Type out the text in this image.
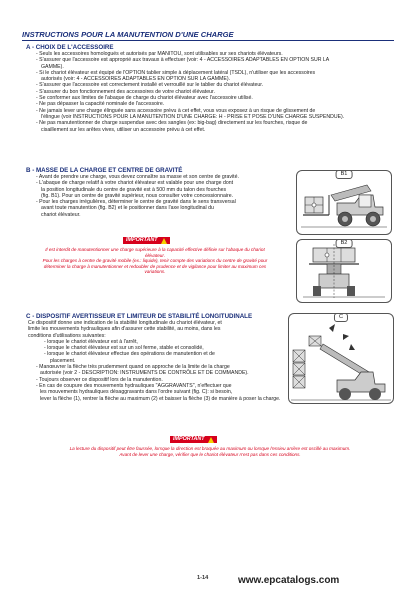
INSTRUCTIONS POUR LA MANUTENTION D'UNE CHARGE
A - CHOIX DE L'ACCESSOIRE
- Seuls les accessoires homologués et autorisés par MANITOU, sont utilisables sur ses chariots élévateurs.
- S'assurer que l'accessoire est approprié aux travaux à effectuer (voir: 4 - ACCESSOIRES ADAPTABLES EN OPTION SUR LA
GAMME).
- Si le chariot élévateur est équipé de l'OPTION tablier simple à déplacement latéral (TSDL), n'utiliser que les accessoires
autorisés (voir: 4 - ACCESSOIRES ADAPTABLES EN OPTION SUR LA GAMME).
- S'assurer que l'accessoire est correctement installé et verrouillé sur le tablier du chariot élévateur.
- S'assurer du bon fonctionnement des accessoires de votre chariot élévateur.
- Se conformer aux limites de l'abaque de charge du chariot élévateur avec l'accessoire utilisé.
- Ne pas dépasser la capacité nominale de l'accessoire.
- Ne jamais lever une charge élinguée sans accessoire prévu à cet effet, vous vous exposez à un risque de glissement de
l'élingue (voir INSTRUCTIONS POUR LA MANUTENTION D'UNE CHARGE: H - PRISE ET POSE D'UNE CHARGE SUSPENDUE).
- Ne pas manutentionner de charge suspendue avec des sangles (ex: big-bag) directement sur les fourches, risque de
cisaillement sur les arêtes vives, utiliser un accessoire prévu à cet effet.
B - MASSE DE LA CHARGE ET CENTRE DE GRAVITÉ
- Avant de prendre une charge, vous devez connaître sa masse et son centre de gravité.
- L'abaque de charge relatif à votre chariot élévateur est valable pour une charge dont
la position longitudinale du centre de gravité est à 500 mm du talon des fourches
(fig. B1). Pour un centre de gravité supérieur, nous consulter votre concessionnaire.
- Pour les charges irrégulières, déterminer le centre de gravité dans le sens transversal
avant toute manutention (fig. B2) et le positionner dans l'axe longitudinal du
chariot élévateur.
IMPORTANT
Il est interdit de manutentionner une charge supérieure à la capacité effective définie sur l'abaque du chariot
élévateur.
Pour les charges à centre de gravité mobile (ex.: liquide), tenir compte des variations du centre de gravité pour
déterminer la charge à manutentionner et redoubler de prudence et de vigilance pour limiter au maximum ces
variations.
B1
B2
C - DISPOSITIF AVERTISSEUR ET LIMITEUR DE STABILITÉ LONGITUDINALE
Ce dispositif donne une indication de la stabilité longitudinale du chariot élévateur, et
limite les mouvements hydrauliques afin d'assurer cette stabilité, au moins, dans les
conditions d'utilisations suivantes:
- lorsque le chariot élévateur est à l'arrêt,
- lorsque le chariot élévateur est sur un sol ferme, stable et consolidé,
- lorsque le chariot élévateur effectue des opérations de manutention et de
placement.
- Manœuvrer la flèche très prudemment quand on approche de la limite de la charge
autorisée (voir 2 - DESCRIPTION: INSTRUMENTS DE CONTRÔLE ET DE COMMANDE).
- Toujours observer ce dispositif lors de la manutention.
- En cas de coupure des mouvements hydrauliques "AGGRAVANTS", n'effectuer que
les mouvements hydrauliques désaggravants dans l'ordre suivant (fig. C): si besoin,
lever la flèche (1), rentrer la flèche au maximum (2) et baisser la flèche (3) de manière à poser la charge.
C
IMPORTANT
La lecture du dispositif peut être faussée, lorsque la direction est braquée au maximum ou lorsque l'essieu arrière est oscillé au maximum.
Avant de lever une charge, vérifier que le chariot élévateur n'est pas dans ces conditions.
1-14	www.epcatalogs.com
